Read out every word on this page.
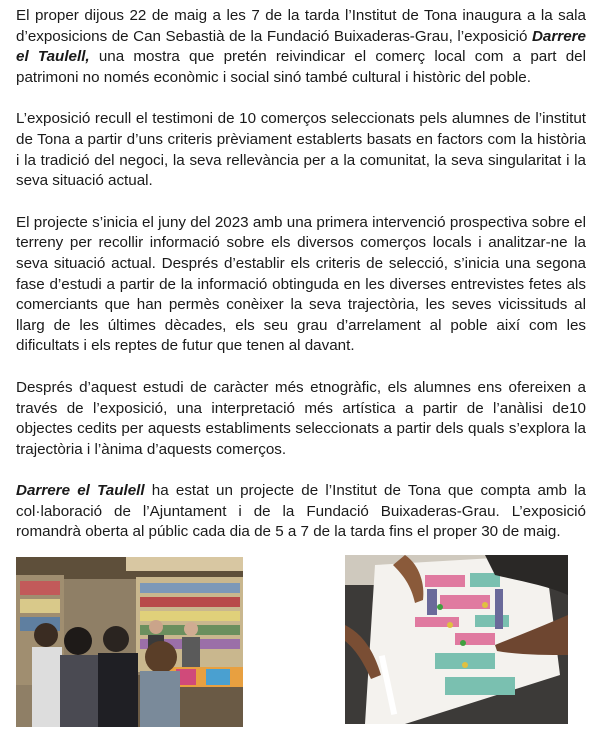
El proper dijous 22 de maig a les 7 de la tarda l’Institut de Tona inaugura a la sala d’exposicions de Can Sebastià de la Fundació Buixaderas-Grau, l’exposició Darrere el Taulell, una mostra que pretén reivindicar el comerç local com a part del patrimoni no només econòmic i social sinó també cultural i històric del poble.

L’exposició recull el testimoni de 10 comerços seleccionats pels alumnes de l’institut de Tona a partir d’uns criteris prèviament establerts basats en factors com la història i la tradició del negoci, la seva rellevància per a la comunitat, la seva singularitat i la seva situació actual.

El projecte s’inicia el juny del 2023 amb una primera intervenció prospectiva sobre el terreny per recollir informació sobre els diversos comerços locals i analitzar-ne la seva situació actual. Després d’establir els criteris de selecció, s’inicia una segona fase d’estudi a partir de la informació obtinguda en les diverses entrevistes fetes als comerciants que han permès conèixer la seva trajectòria, les seves vicissituds al llarg de les últimes dècades, els seu grau d’arrelament al poble així com les dificultats i els reptes de futur que tenen al davant.

Després d’aquest estudi de caràcter més etnogràfic, els alumnes ens ofereixen a través de l’exposició, una interpretació més artística a partir de l’anàlisi de10 objectes cedits per aquests establiments seleccionats a partir dels quals s’explora la trajectòria i l’ànima d’aquests comerços.

Darrere el Taulell ha estat un projecte de l’Institut de Tona que compta amb la col·laboració de l’Ajuntament i de la Fundació Buixaderas-Grau. L’exposició romandrà oberta al públic cada dia de 5 a 7 de la tarda fins el proper 30 de maig.
